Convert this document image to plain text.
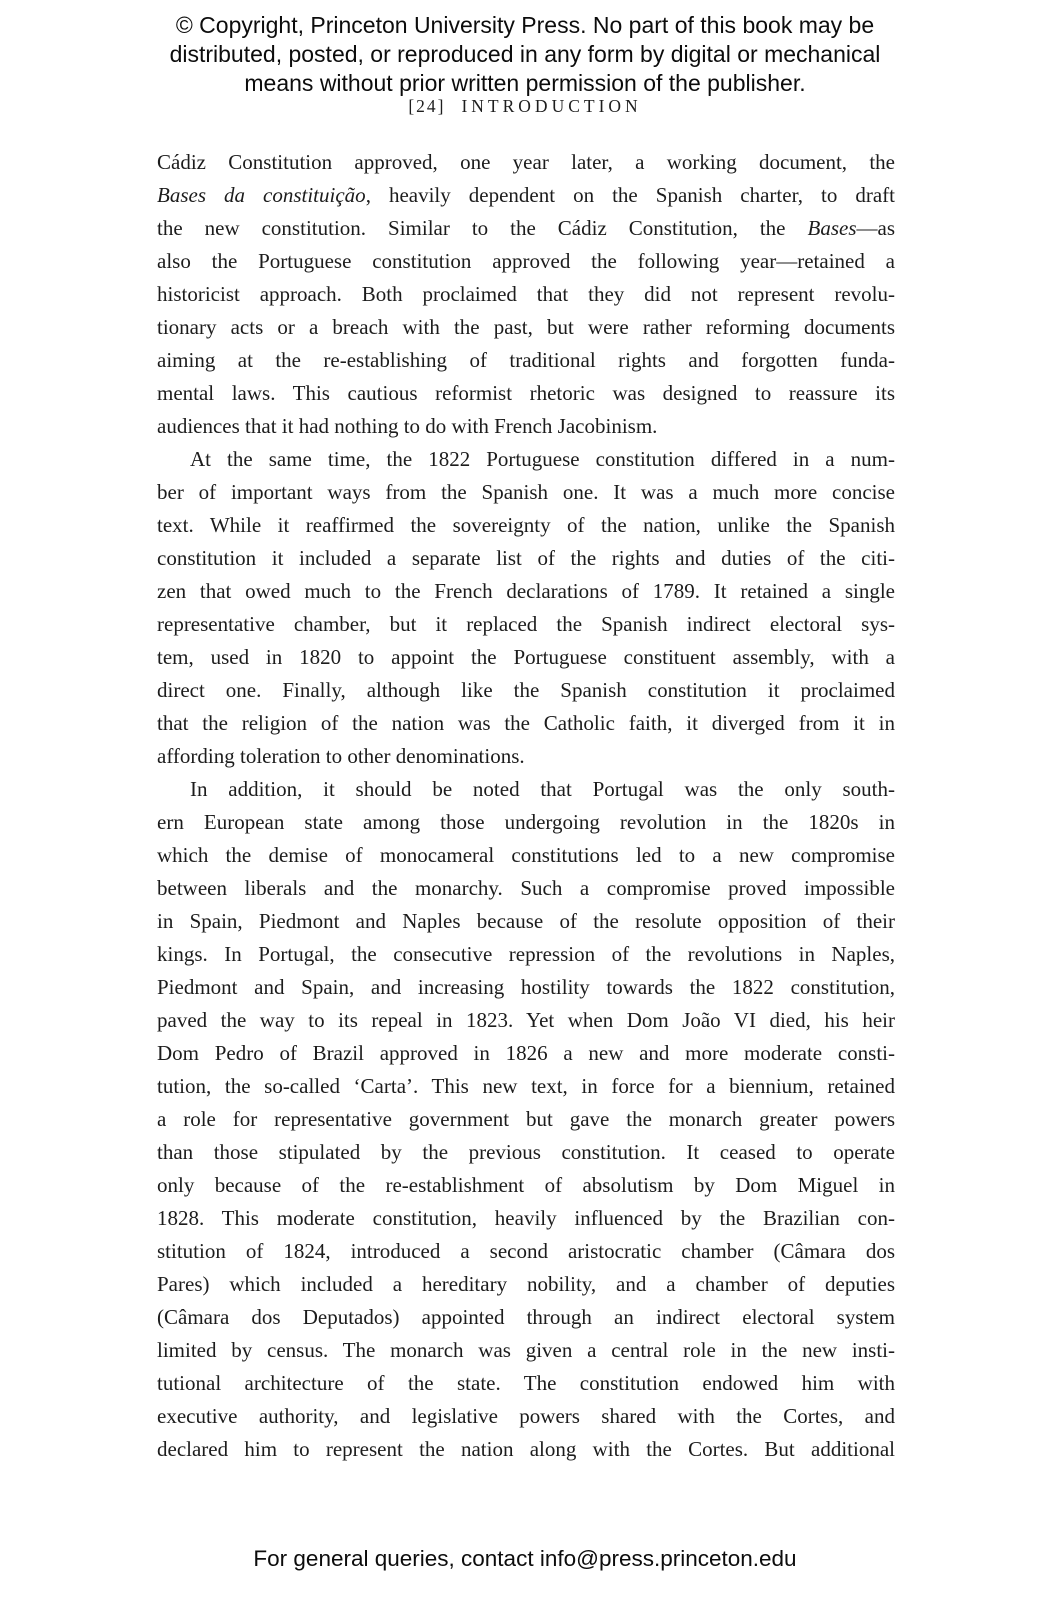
© Copyright, Princeton University Press. No part of this book may be
distributed, posted, or reproduced in any form by digital or mechanical
means without prior written permission of the publisher.
[24] INTRODUCTION
Cádiz Constitution approved, one year later, a working document, the
Bases da constituição, heavily dependent on the Spanish charter, to draft
the new constitution. Similar to the Cádiz Constitution, the Bases—as
also the Portuguese constitution approved the following year—retained a
historicist approach. Both proclaimed that they did not represent revolu-
tionary acts or a breach with the past, but were rather reforming documents
aiming at the re-establishing of traditional rights and forgotten funda-
mental laws. This cautious reformist rhetoric was designed to reassure its
audiences that it had nothing to do with French Jacobinism.
At the same time, the 1822 Portuguese constitution differed in a num-
ber of important ways from the Spanish one. It was a much more concise
text. While it reaffirmed the sovereignty of the nation, unlike the Spanish
constitution it included a separate list of the rights and duties of the citi-
zen that owed much to the French declarations of 1789. It retained a single
representative chamber, but it replaced the Spanish indirect electoral sys-
tem, used in 1820 to appoint the Portuguese constituent assembly, with a
direct one. Finally, although like the Spanish constitution it proclaimed
that the religion of the nation was the Catholic faith, it diverged from it in
affording toleration to other denominations.
In addition, it should be noted that Portugal was the only south-
ern European state among those undergoing revolution in the 1820s in
which the demise of monocameral constitutions led to a new compromise
between liberals and the monarchy. Such a compromise proved impossible
in Spain, Piedmont and Naples because of the resolute opposition of their
kings. In Portugal, the consecutive repression of the revolutions in Naples,
Piedmont and Spain, and increasing hostility towards the 1822 constitution,
paved the way to its repeal in 1823. Yet when Dom João VI died, his heir
Dom Pedro of Brazil approved in 1826 a new and more moderate consti-
tution, the so-called ‘Carta’. This new text, in force for a biennium, retained
a role for representative government but gave the monarch greater powers
than those stipulated by the previous constitution. It ceased to operate
only because of the re-establishment of absolutism by Dom Miguel in
1828. This moderate constitution, heavily influenced by the Brazilian con-
stitution of 1824, introduced a second aristocratic chamber (Câmara dos
Pares) which included a hereditary nobility, and a chamber of deputies
(Câmara dos Deputados) appointed through an indirect electoral system
limited by census. The monarch was given a central role in the new insti-
tutional architecture of the state. The constitution endowed him with
executive authority, and legislative powers shared with the Cortes, and
declared him to represent the nation along with the Cortes. But additional
For general queries, contact info@press.princeton.edu
